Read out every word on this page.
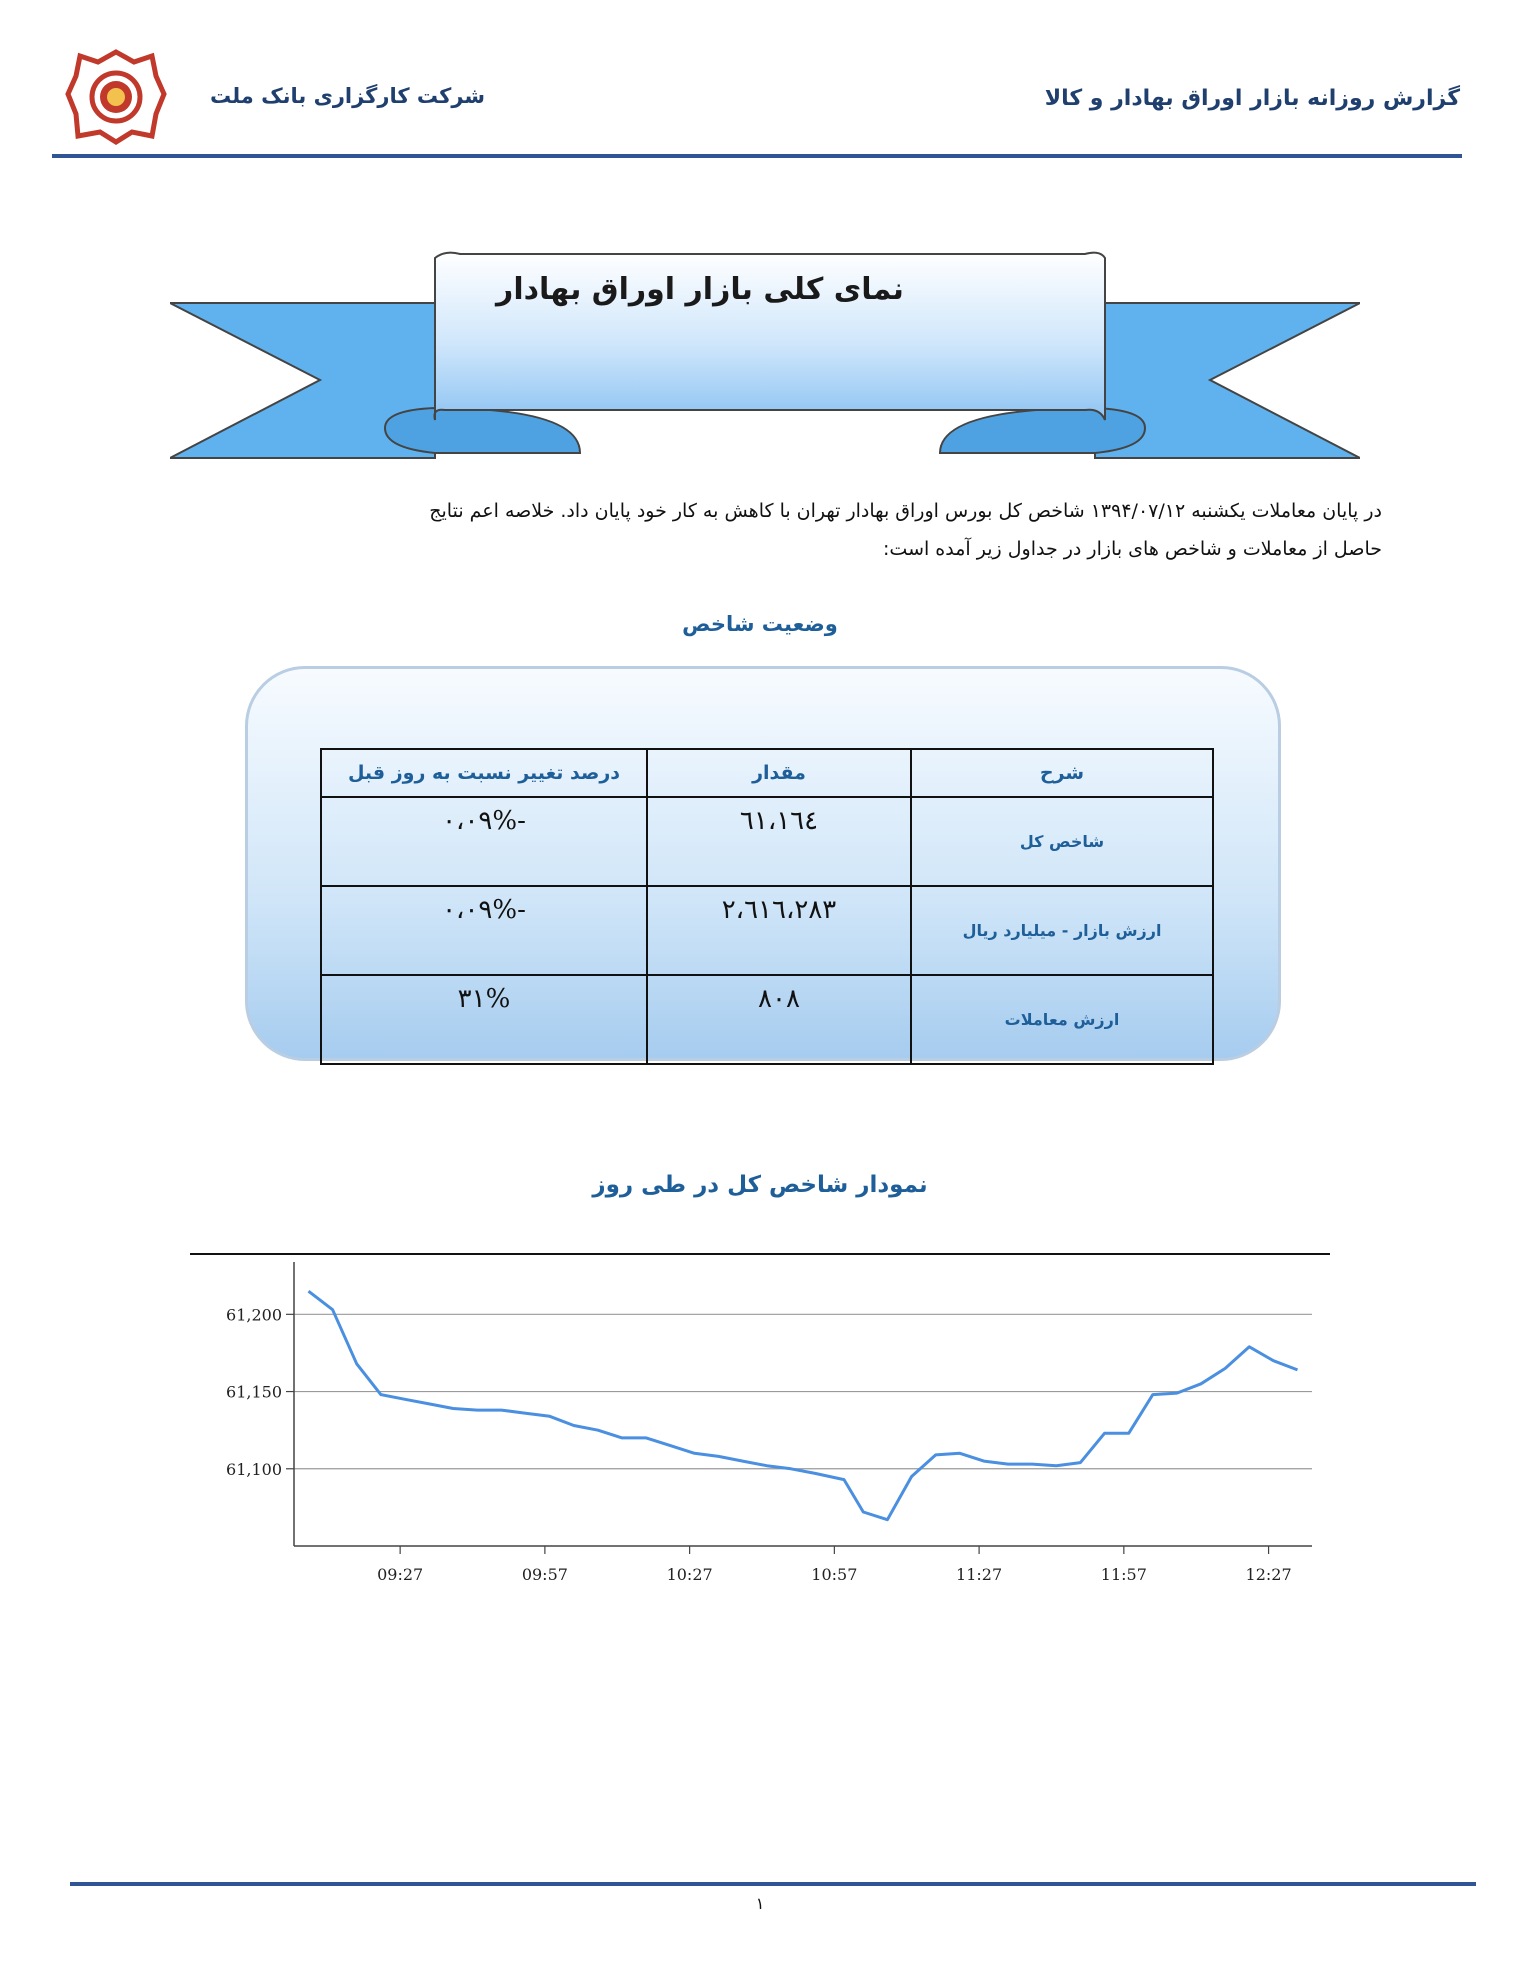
گزارش روزانه بازار اوراق بهادار و کالا
شرکت کارگزاری بانک ملت
نمای کلی بازار اوراق بهادار
در پایان معاملات یکشنبه ۱۳۹۴/۰۷/۱۲ شاخص کل بورس اوراق بهادار تهران با کاهش به کار خود پایان داد. خلاصه اعم نتایج
حاصل از معاملات و شاخص های بازار در جداول زیر آمده است:
وضعیت شاخص
شرح	مقدار	درصد تغییر نسبت به روز قبل
شاخص کل	٦١،١٦٤	-%٠،٠٩
ارزش بازار - میلیارد ریال	٢،٦١٦،٢٨٣	-%٠،٠٩
ارزش معاملات	٨٠٨	%٣١
نمودار شاخص کل در طی روز
61,100
61,150
61,200
09:27	09:57	10:27	10:57	11:27	11:57	12:27
۱
